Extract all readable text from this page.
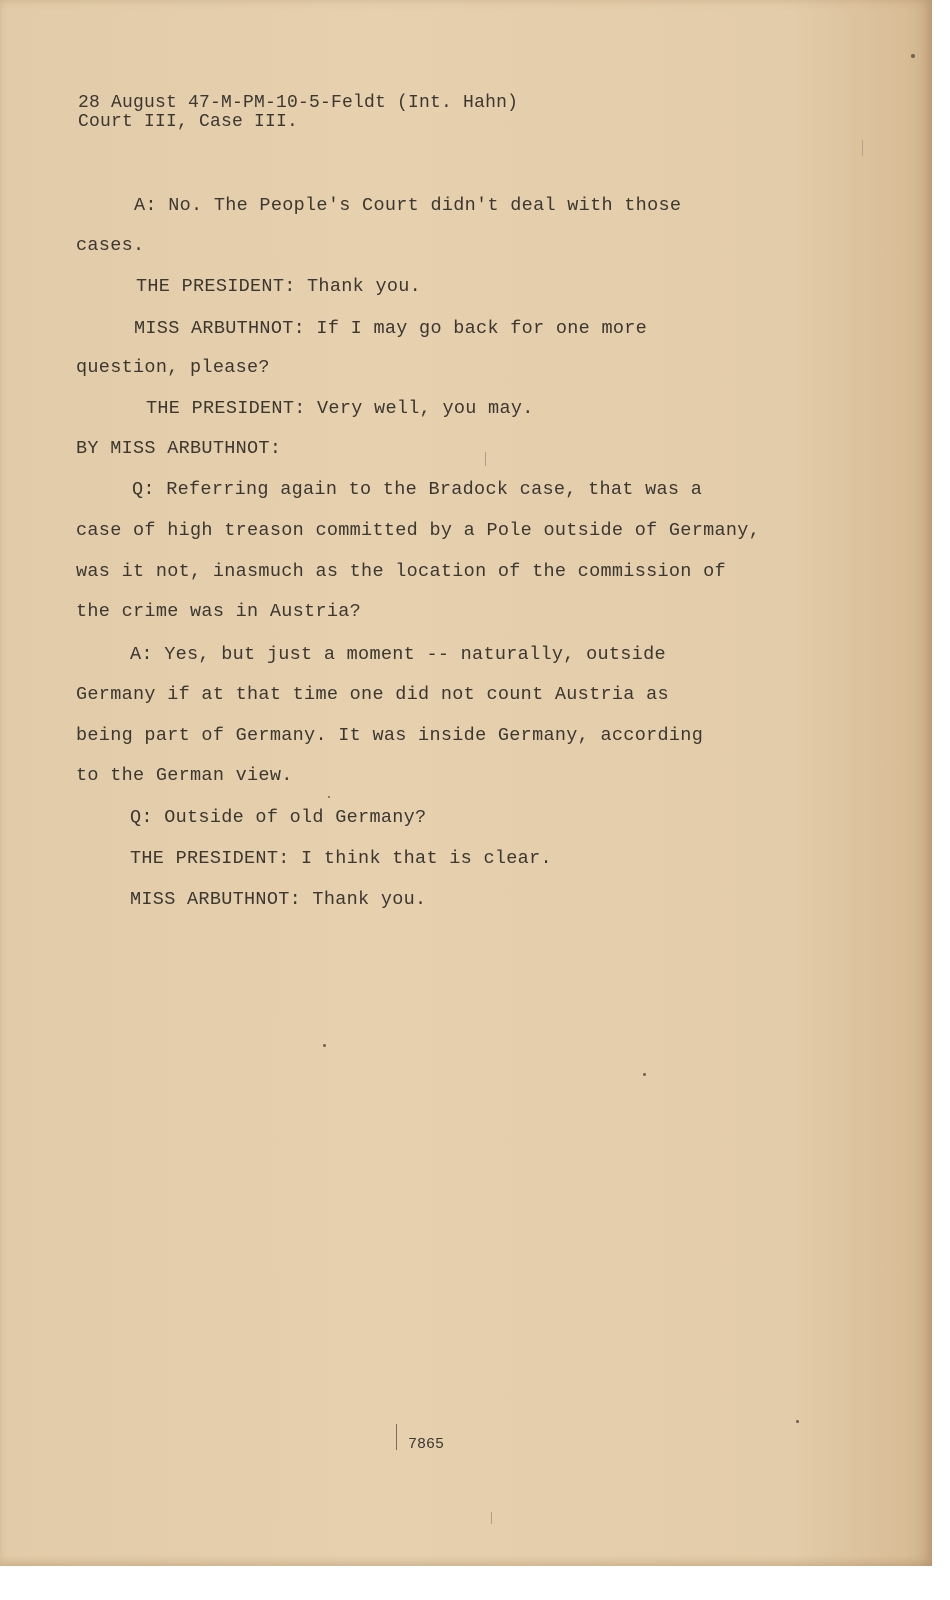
28 August 47-M-PM-10-5-Feldt (Int. Hahn)
Court III, Case III.
A: No. The People's Court didn't deal with those
cases.
THE PRESIDENT: Thank you.
MISS ARBUTHNOT: If I may go back for one more
question, please?
THE PRESIDENT: Very well, you may.
BY MISS ARBUTHNOT:
Q: Referring again to the Bradock case, that was a
case of high treason committed by a Pole outside of Germany,
was it not, inasmuch as the location of the commission of
the crime was in Austria?
A: Yes, but just a moment -- naturally, outside
Germany if at that time one did not count Austria as
being part of Germany. It was inside Germany, according
to the German view.
Q: Outside of old Germany?
THE PRESIDENT: I think that is clear.
MISS ARBUTHNOT: Thank you.
7865
